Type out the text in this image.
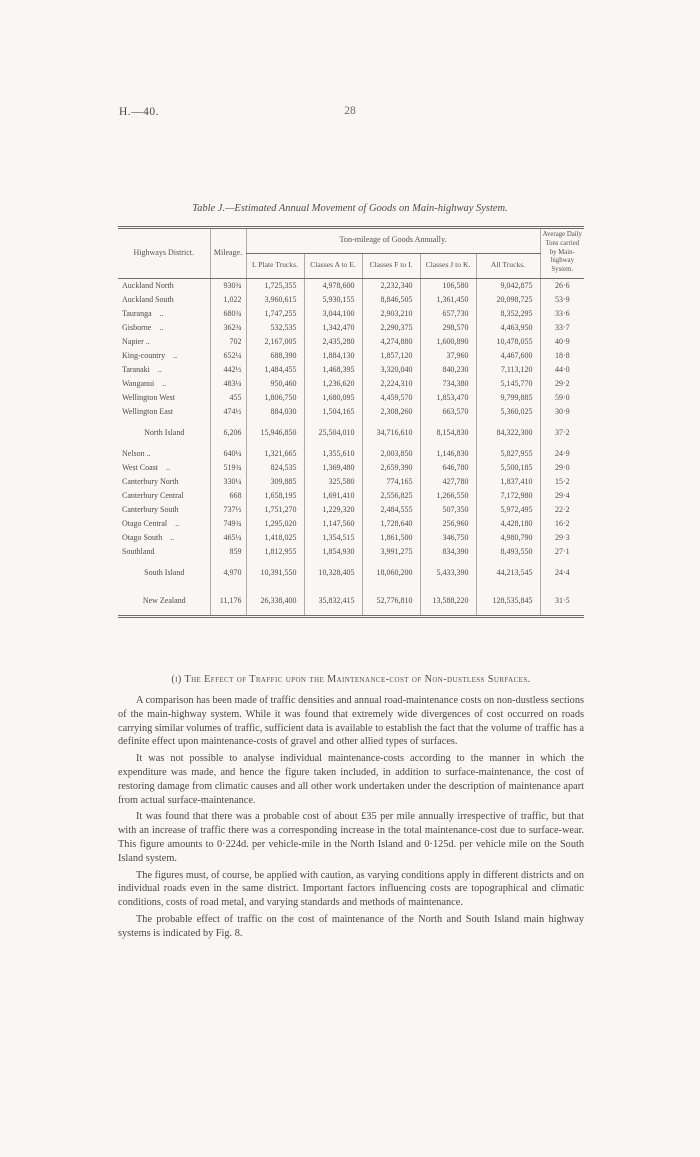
H.—40.	28
Table J.—Estimated Annual Movement of Goods on Main-highway System.
Highways District.	Mileage.	Ton-mileage of Goods Annually.					Average Daily Tons carried by Main-highway System.
		L Plate Trucks.	Classes A to E.	Classes F to I.	Classes J to K.	All Trucks.	
Auckland North	930¾	1,725,355	4,978,600	2,232,340	106,580	9,042,875	26·6
Auckland South	1,022	3,960,615	5,930,155	8,846,505	1,361,450	20,098,725	53·9
Tauranga    ..	680¾	1,747,255	3,044,100	2,903,210	657,730	8,352,295	33·6
Gisborne    ..	362¾	532,535	1,342,470	2,290,375	298,570	4,463,950	33·7
Napier ..	702	2,167,005	2,435,280	4,274,880	1,600,890	10,478,055	40·9
King-country    ..	652¼	688,390	1,884,130	1,857,120	37,960	4,467,600	18·8
Taranaki    ..	442½	1,484,455	1,468,395	3,320,040	840,230	7,113,120	44·0
Wanganui    ..	483¼	950,460	1,236,620	2,224,310	734,380	5,145,770	29·2
Wellington West	455	1,806,750	1,680,095	4,459,570	1,853,470	9,799,885	59·0
Wellington East	474½	884,030	1,504,165	2,308,260	663,570	5,360,025	30·9
North Island	6,206	15,946,850	25,504,010	34,716,610	8,154,830	84,322,300	37·2
Nelson ..	640¼	1,321,665	1,355,610	2,003,850	1,146,830	5,827,955	24·9
West Coast    ..	519¾	824,535	1,369,480	2,659,390	646,780	5,500,185	29·0
Canterbury North	330¼	309,885	325,580	774,165	427,780	1,837,410	15·2
Canterbury Central	668	1,658,195	1,691,410	2,556,825	1,266,550	7,172,980	29·4
Canterbury South	737½	1,751,270	1,229,320	2,484,555	507,350	5,972,495	22·2
Otago Central    ..	749¾	1,295,020	1,147,560	1,728,640	256,960	4,428,180	16·2
Otago South    ..	465¼	1,418,025	1,354,515	1,861,500	346,750	4,980,790	29·3
Southland	859	1,812,955	1,854,930	3,991,275	834,390	8,493,550	27·1
South Island	4,970	10,391,550	10,328,405	18,060,200	5,433,390	44,213,545	24·4
New Zealand	11,176	26,338,400	35,832,415	52,776,810	13,588,220	128,535,845	31·5
(i) The Effect of Traffic upon the Maintenance-cost of Non-dustless Surfaces.

A comparison has been made of traffic densities and annual road-maintenance costs on non-dustless sections of the main-highway system. While it was found that extremely wide divergences of cost occurred on roads carrying similar volumes of traffic, sufficient data is available to establish the fact that the volume of traffic has a definite effect upon maintenance-costs of gravel and other allied types of surfaces.

It was not possible to analyse individual maintenance-costs according to the manner in which the expenditure was made, and hence the figure taken included, in addition to surface-maintenance, the cost of restoring damage from climatic causes and all other work undertaken under the description of maintenance apart from actual surface-maintenance.

It was found that there was a probable cost of about £35 per mile annually irrespective of traffic, but that with an increase of traffic there was a corresponding increase in the total maintenance-cost due to surface-wear. This figure amounts to 0·224d. per vehicle-mile in the North Island and 0·125d. per vehicle mile on the South Island system.

The figures must, of course, be applied with caution, as varying conditions apply in different districts and on individual roads even in the same district. Important factors influencing costs are topographical and climatic conditions, costs of road metal, and varying standards and methods of maintenance.

The probable effect of traffic on the cost of maintenance of the North and South Island main highway systems is indicated by Fig. 8.
